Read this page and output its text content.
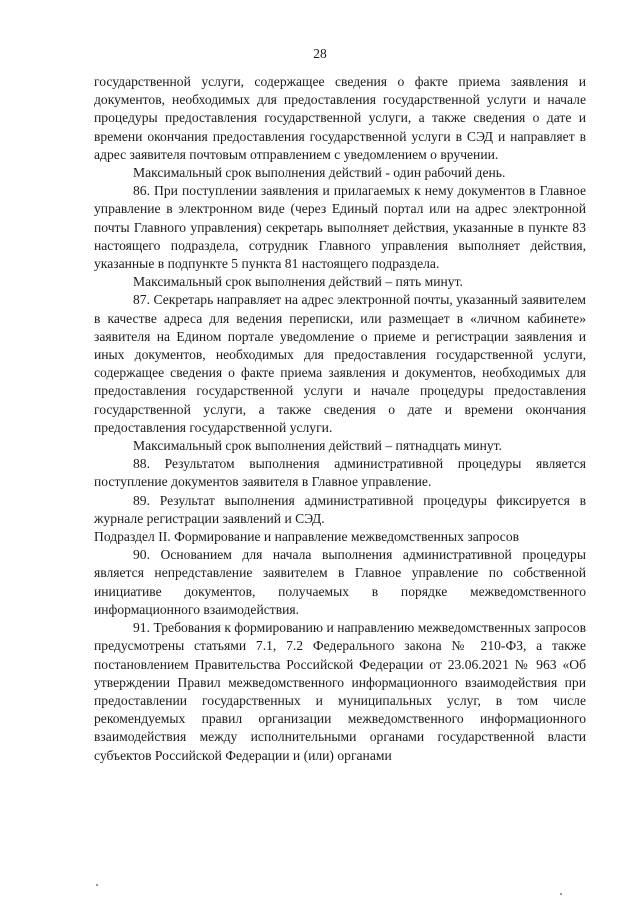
28

государственной услуги, содержащее сведения о факте приема заявления и документов, необходимых для предоставления государственной услуги и начале процедуры предоставления государственной услуги, а также сведения о дате и времени окончания предоставления государственной услуги в СЭД и направляет в адрес заявителя почтовым отправлением с уведомлением о вручении.

Максимальный срок выполнения действий - один рабочий день.

86. При поступлении заявления и прилагаемых к нему документов в Главное управление в электронном виде (через Единый портал или на адрес электронной почты Главного управления) секретарь выполняет действия, указанные в пункте 83 настоящего подраздела, сотрудник Главного управления выполняет действия, указанные в подпункте 5 пункта 81 настоящего подраздела.

Максимальный срок выполнения действий – пять минут.

87. Секретарь направляет на адрес электронной почты, указанный заявителем в качестве адреса для ведения переписки, или размещает в «личном кабинете» заявителя на Едином портале уведомление о приеме и регистрации заявления и иных документов, необходимых для предоставления государственной услуги, содержащее сведения о факте приема заявления и документов, необходимых для предоставления государственной услуги и начале процедуры предоставления государственной услуги, а также сведения о дате и времени окончания предоставления государственной услуги.

Максимальный срок выполнения действий – пятнадцать минут.

88. Результатом выполнения административной процедуры является поступление документов заявителя в Главное управление.

89. Результат выполнения административной процедуры фиксируется в журнале регистрации заявлений и СЭД.

Подраздел II. Формирование и направление межведомственных запросов

90. Основанием для начала выполнения административной процедуры является непредставление заявителем в Главное управление по собственной инициативе документов, получаемых в порядке межведомственного информационного взаимодействия.

91. Требования к формированию и направлению межведомственных запросов предусмотрены статьями 7.1, 7.2 Федерального закона № 210-ФЗ, а также постановлением Правительства Российской Федерации от 23.06.2021 № 963 «Об утверждении Правил межведомственного информационного взаимодействия при предоставлении государственных и муниципальных услуг, в том числе рекомендуемых правил организации межведомственного информационного взаимодействия между исполнительными органами государственной власти субъектов Российской Федерации и (или) органами
